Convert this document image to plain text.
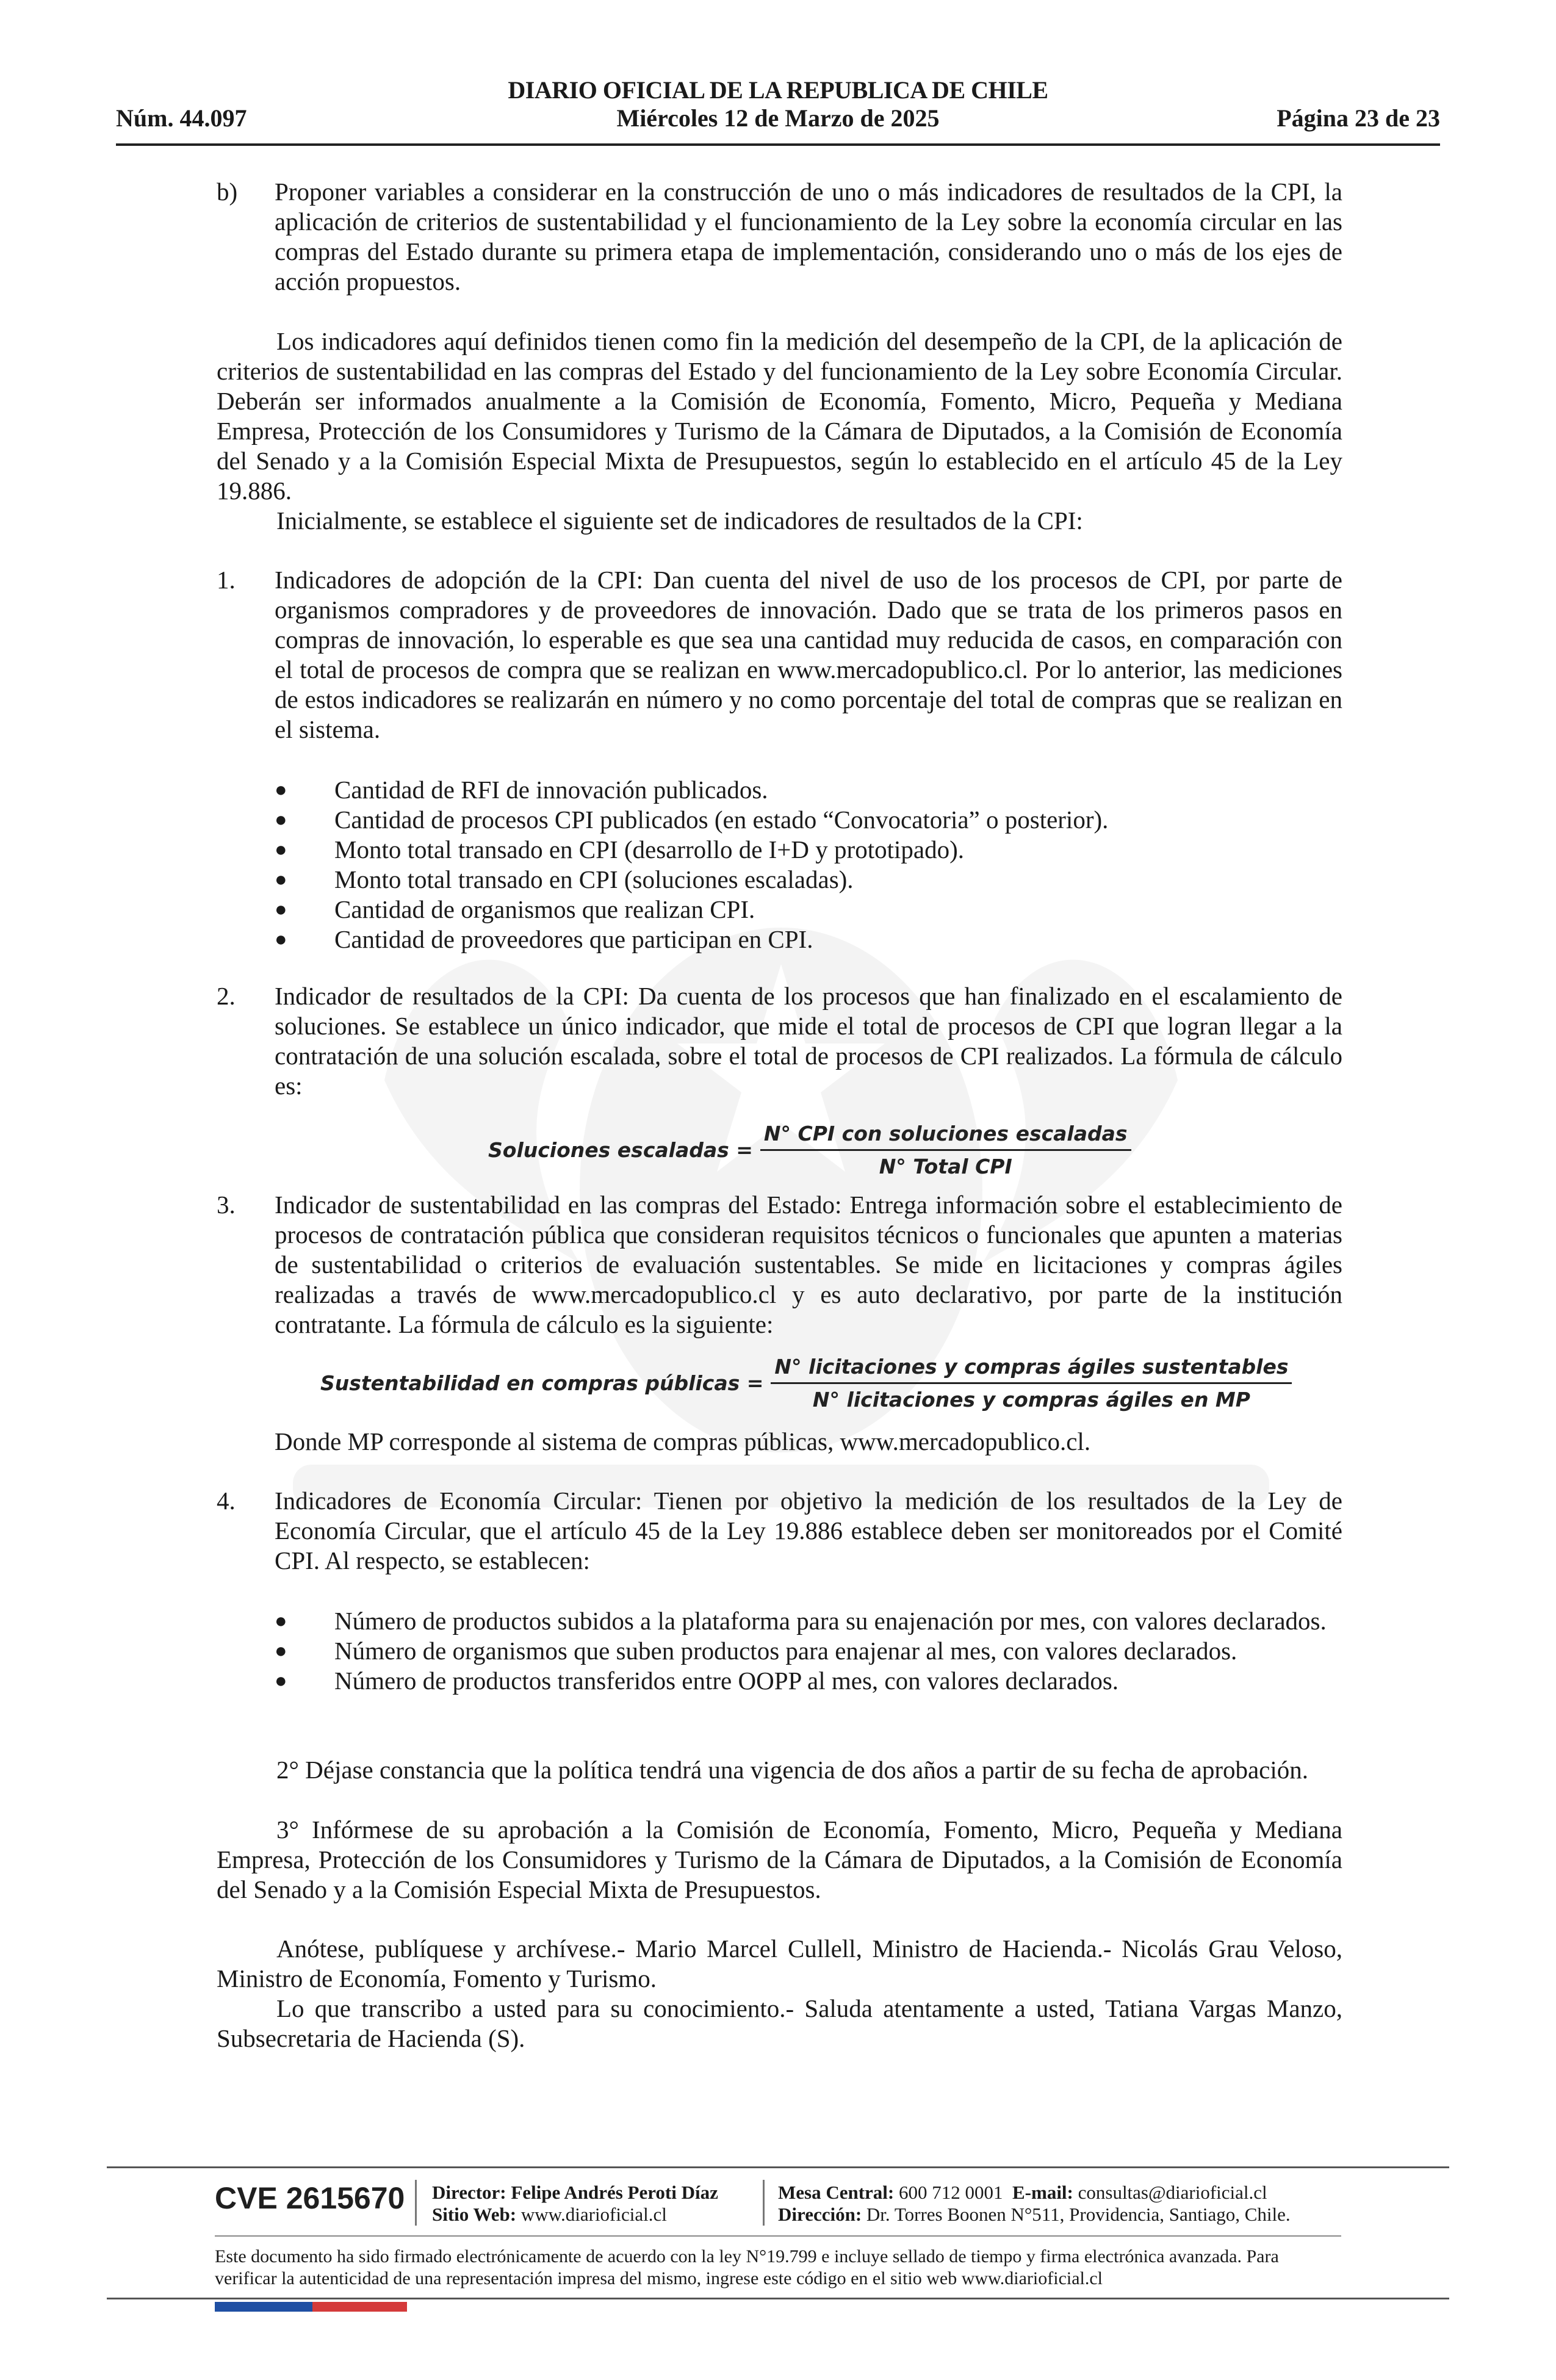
Núm. 44.097
DIARIO OFICIAL DE LA REPUBLICA DE CHILE
Miércoles 12 de Marzo de 2025	Página 23 de 23
b) Proponer variables a considerar en la construcción de uno o más indicadores de resultados de la CPI, la aplicación de criterios de sustentabilidad y el funcionamiento de la Ley sobre la economía circular en las compras del Estado durante su primera etapa de implementación, considerando uno o más de los ejes de acción propuestos.
Los indicadores aquí definidos tienen como fin la medición del desempeño de la CPI, de la aplicación de criterios de sustentabilidad en las compras del Estado y del funcionamiento de la Ley sobre Economía Circular. Deberán ser informados anualmente a la Comisión de Economía, Fomento, Micro, Pequeña y Mediana Empresa, Protección de los Consumidores y Turismo de la Cámara de Diputados, a la Comisión de Economía del Senado y a la Comisión Especial Mixta de Presupuestos, según lo establecido en el artículo 45 de la Ley 19.886.
Inicialmente, se establece el siguiente set de indicadores de resultados de la CPI:
1. Indicadores de adopción de la CPI: Dan cuenta del nivel de uso de los procesos de CPI, por parte de organismos compradores y de proveedores de innovación. Dado que se trata de los primeros pasos en compras de innovación, lo esperable es que sea una cantidad muy reducida de casos, en comparación con el total de procesos de compra que se realizan en www.mercadopublico.cl. Por lo anterior, las mediciones de estos indicadores se realizarán en número y no como porcentaje del total de compras que se realizan en el sistema.
● Cantidad de RFI de innovación publicados.
● Cantidad de procesos CPI publicados (en estado “Convocatoria” o posterior).
● Monto total transado en CPI (desarrollo de I+D y prototipado).
● Monto total transado en CPI (soluciones escaladas).
● Cantidad de organismos que realizan CPI.
● Cantidad de proveedores que participan en CPI.
2. Indicador de resultados de la CPI: Da cuenta de los procesos que han finalizado en el escalamiento de soluciones. Se establece un único indicador, que mide el total de procesos de CPI que logran llegar a la contratación de una solución escalada, sobre el total de procesos de CPI realizados. La fórmula de cálculo es:
Soluciones escaladas = $\frac{\text{N° CPI con soluciones escaladas}}{\text{N° Total CPI}}$
3. Indicador de sustentabilidad en las compras del Estado: Entrega información sobre el establecimiento de procesos de contratación pública que consideran requisitos técnicos o funcionales que apunten a materias de sustentabilidad o criterios de evaluación sustentables. Se mide en licitaciones y compras ágiles realizadas a través de www.mercadopublico.cl y es auto declarativo, por parte de la institución contratante. La fórmula de cálculo es la siguiente:
Sustentabilidad en compras públicas = $\frac{\text{N° licitaciones y compras ágiles sustentables}}{\text{N° licitaciones y compras ágiles en MP}}$
Donde MP corresponde al sistema de compras públicas, www.mercadopublico.cl.
4. Indicadores de Economía Circular: Tienen por objetivo la medición de los resultados de la Ley de Economía Circular, que el artículo 45 de la Ley 19.886 establece deben ser monitoreados por el Comité CPI. Al respecto, se establecen:
● Número de productos subidos a la plataforma para su enajenación por mes, con valores declarados.
● Número de organismos que suben productos para enajenar al mes, con valores declarados.
● Número de productos transferidos entre OOPP al mes, con valores declarados.
2° Déjase constancia que la política tendrá una vigencia de dos años a partir de su fecha de aprobación.
3° Infórmese de su aprobación a la Comisión de Economía, Fomento, Micro, Pequeña y Mediana Empresa, Protección de los Consumidores y Turismo de la Cámara de Diputados, a la Comisión de Economía del Senado y a la Comisión Especial Mixta de Presupuestos.
Anótese, publíquese y archívese.- Mario Marcel Cullell, Ministro de Hacienda.- Nicolás Grau Veloso, Ministro de Economía, Fomento y Turismo.
Lo que transcribo a usted para su conocimiento.- Saluda atentamente a usted, Tatiana Vargas Manzo, Subsecretaria de Hacienda (S).
CVE 2615670 Director: Felipe Andrés Peroti Díaz
Sitio Web: www.diarioficial.cl
Mesa Central: 600 712 0001 E-mail: consultas@diarioficial.cl
Dirección: Dr. Torres Boonen N°511, Providencia, Santiago, Chile.
Este documento ha sido firmado electrónicamente de acuerdo con la ley N°19.799 e incluye sellado de tiempo y firma electrónica avanzada. Para verificar la autenticidad de una representación impresa del mismo, ingrese este código en el sitio web www.diarioficial.cl
